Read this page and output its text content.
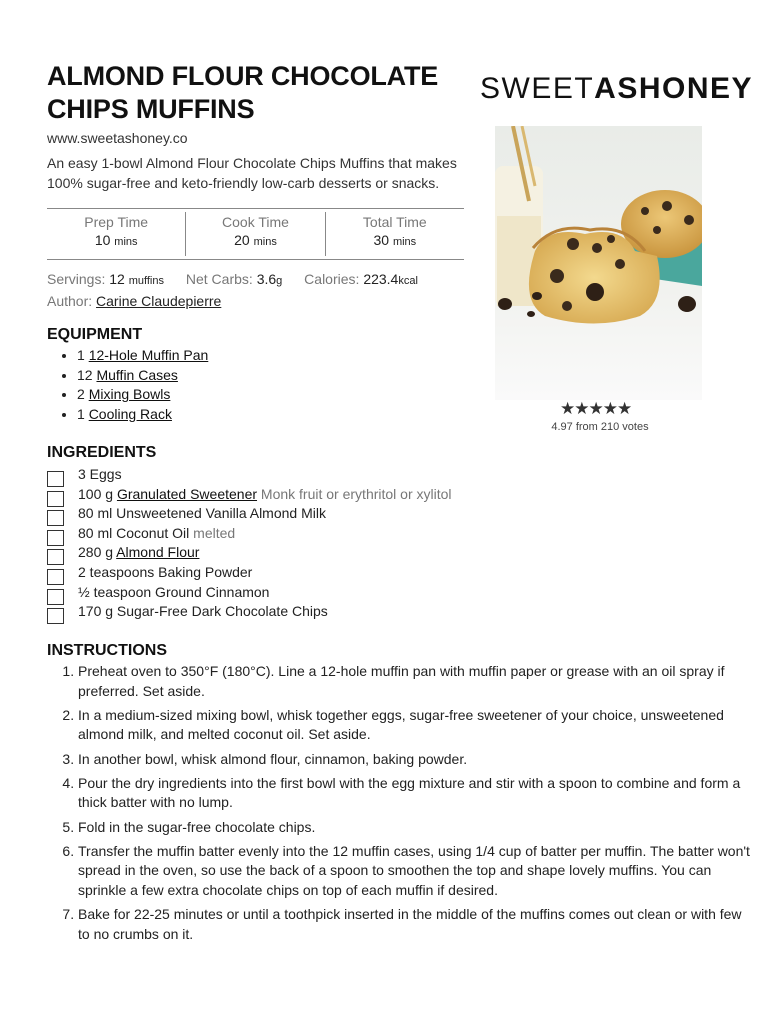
ALMOND FLOUR CHOCOLATE CHIPS MUFFINS
www.sweetashoney.co
An easy 1-bowl Almond Flour Chocolate Chips Muffins that makes 100% sugar-free and keto-friendly low-carb desserts or snacks.
Prep Time
10 mins
Cook Time
20 mins
Total Time
30 mins
Servings: 12 muffins Net Carbs: 3.6g Calories: 223.4kcal
Author: Carine Claudepierre
EQUIPMENT
• 1 12-Hole Muffin Pan
• 12 Muffin Cases
• 2 Mixing Bowls
• 1 Cooling Rack
INGREDIENTS
3 Eggs
100 g Granulated Sweetener Monk fruit or erythritol or xylitol
80 ml Unsweetened Vanilla Almond Milk
80 ml Coconut Oil melted
280 g Almond Flour
2 teaspoons Baking Powder
½ teaspoon Ground Cinnamon
170 g Sugar-Free Dark Chocolate Chips
INSTRUCTIONS
1. Preheat oven to 350°F (180°C). Line a 12-hole muffin pan with muffin paper or grease with an oil spray if preferred. Set aside.
2. In a medium-sized mixing bowl, whisk together eggs, sugar-free sweetener of your choice, unsweetened almond milk, and melted coconut oil. Set aside.
3. In another bowl, whisk almond flour, cinnamon, baking powder.
4. Pour the dry ingredients into the first bowl with the egg mixture and stir with a spoon to combine and form a thick batter with no lump.
5. Fold in the sugar-free chocolate chips.
6. Transfer the muffin batter evenly into the 12 muffin cases, using 1/4 cup of batter per muffin. The batter won't spread in the oven, so use the back of a spoon to smoothen the top and shape lovely muffins. You can sprinkle a few extra chocolate chips on top of each muffin if desired.
7. Bake for 22-25 minutes or until a toothpick inserted in the middle of the muffins comes out clean or with few to no crumbs on it.
SWEETASHONEY
★★★★★
4.97 from 210 votes
